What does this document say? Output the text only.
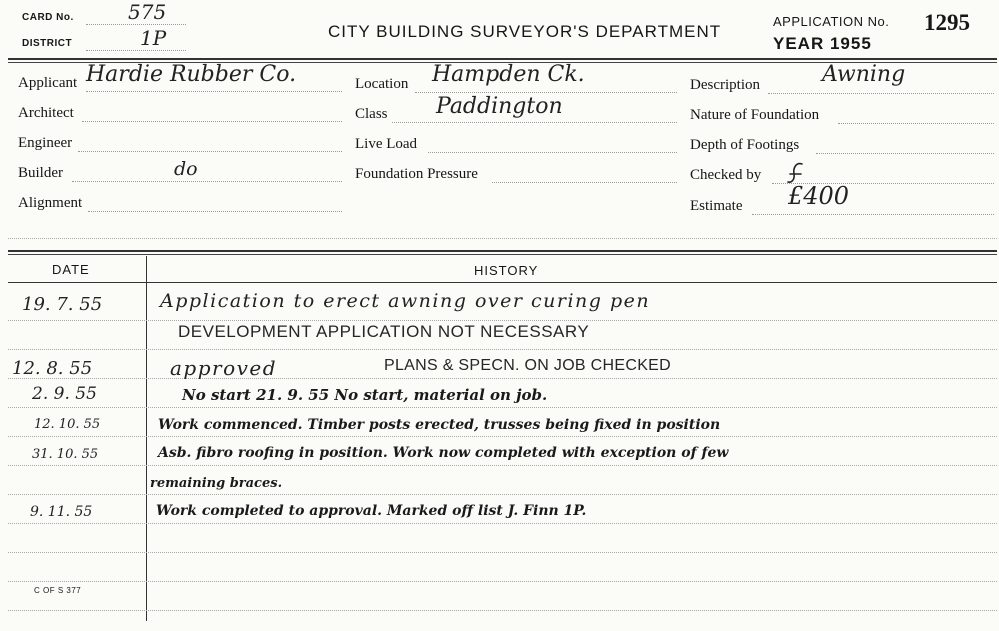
CARD No.	575
DISTRICT	1P	CITY BUILDING SURVEYOR'S DEPARTMENT
APPLICATION No. 1295
YEAR 1955
Applicant Hardie Rubber Co.
Architect
Engineer
Builder	do
Alignment
Location Hampden Ck.
Class Paddington
Live Load
Foundation Pressure
Description	Awning
Nature of Foundation
Depth of Footings
Checked by
Estimate £400
DATE	HISTORY
19. 7. 55	Application to erect awning over curing pen
DEVELOPMENT APPLICATION NOT NECESSARY
12. 8. 55	approved	PLANS & SPECN. ON JOB CHECKED
2. 9. 55	No start 21. 9. 55 No start, material on job.
12. 10. 55	Work commenced. Timber posts erected, trusses being fixed in position
31. 10. 55	Asb. fibro roofing in position. Work now completed with exception of few
remaining braces.
9. 11. 55	Work completed to approval. Marked off list J. Finn 1P.
C OF S 377
